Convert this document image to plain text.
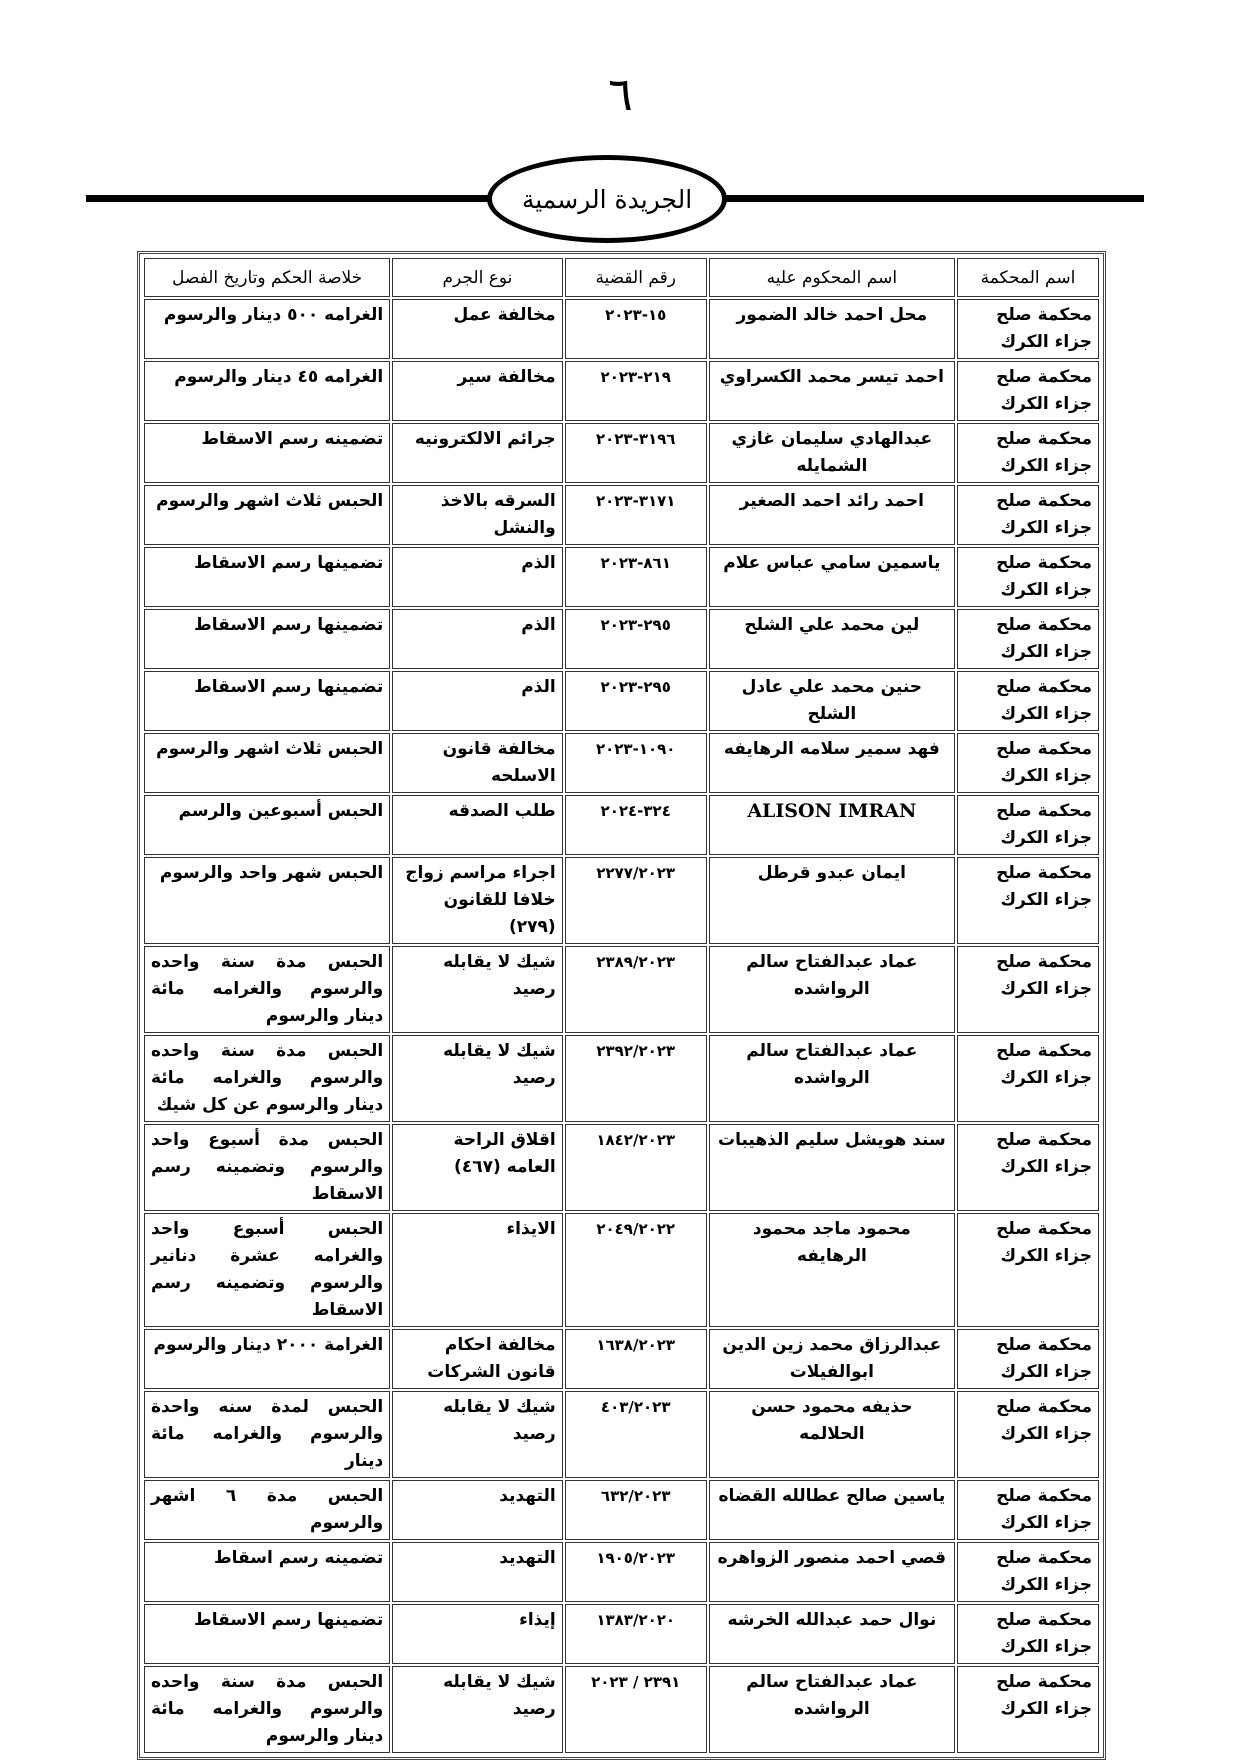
٦
الجريدة الرسمية
اسم المحكمة	اسم المحكوم عليه	رقم القضية	نوع الجرم	خلاصة الحكم وتاريخ الفصل
محكمة صلح جزاء الكرك	محل احمد خالد الضمور	١٥-٢٠٢٣	مخالفة عمل	الغرامه ٥٠٠ دينار والرسوم
محكمة صلح جزاء الكرك	احمد تيسر محمد الكسراوي	٢١٩-٢٠٢٣	مخالفة سير	الغرامه ٤٥ دينار والرسوم
محكمة صلح جزاء الكرك	عبدالهادي سليمان غازي الشمايله	٣١٩٦-٢٠٢٣	جرائم الالكترونيه	تضمينه رسم الاسقاط
محكمة صلح جزاء الكرك	احمد رائد احمد الصغير	٣١٧١-٢٠٢٣	السرقه بالاخذ والنشل	الحبس ثلاث اشهر والرسوم
محكمة صلح جزاء الكرك	ياسمين سامي عباس علام	٨٦١-٢٠٢٣	الذم	تضمينها رسم الاسقاط
محكمة صلح جزاء الكرك	لين محمد علي الشلح	٢٩٥-٢٠٢٣	الذم	تضمينها رسم الاسقاط
محكمة صلح جزاء الكرك	حنين محمد علي عادل الشلح	٢٩٥-٢٠٢٣	الذم	تضمينها رسم الاسقاط
محكمة صلح جزاء الكرك	فهد سمير سلامه الرهايفه	١٠٩٠-٢٠٢٣	مخالفة قانون الاسلحه	الحبس ثلاث اشهر والرسوم
محكمة صلح جزاء الكرك	ALISON IMRAN	٣٢٤-٢٠٢٤	طلب الصدقه	الحبس أسبوعين والرسم
محكمة صلح جزاء الكرك	ايمان عبدو قرطل	٢٢٧٧/٢٠٢٣	اجراء مراسم زواج خلافا للقانون (٢٧٩)	الحبس شهر واحد والرسوم
محكمة صلح جزاء الكرك	عماد عبدالفتاح سالم الرواشده	٢٣٨٩/٢٠٢٣	شيك لا يقابله رصيد	الحبس مدة سنة واحده والرسوم والغرامه مائة دينار والرسوم
محكمة صلح جزاء الكرك	عماد عبدالفتاح سالم الرواشده	٢٣٩٢/٢٠٢٣	شيك لا يقابله رصيد	الحبس مدة سنة واحده والرسوم والغرامه مائة دينار والرسوم عن كل شيك
محكمة صلح جزاء الكرك	سند هويشل سليم الذهيبات	١٨٤٢/٢٠٢٣	اقلاق الراحة العامه (٤٦٧)	الحبس مدة أسبوع واحد والرسوم وتضمينه رسم الاسقاط
محكمة صلح جزاء الكرك	محمود ماجد محمود الرهايفه	٢٠٤٩/٢٠٢٢	الايذاء	الحبس أسبوع واحد والغرامه عشرة دنانير والرسوم وتضمينه رسم الاسقاط
محكمة صلح جزاء الكرك	عبدالرزاق محمد زين الدين ابوالفيلات	١٦٣٨/٢٠٢٣	مخالفة احكام قانون الشركات	الغرامة ٢٠٠٠ دينار والرسوم
محكمة صلح جزاء الكرك	حذيفه محمود حسن الحلالمه	٤٠٣/٢٠٢٣	شيك لا يقابله رصيد	الحبس لمدة سنه واحدة والرسوم والغرامه مائة دينار
محكمة صلح جزاء الكرك	ياسين صالح عطالله القضاه	٦٣٢/٢٠٢٣	التهديد	الحبس مدة ٦ اشهر والرسوم
محكمة صلح جزاء الكرك	قصي احمد منصور الزواهره	١٩٠٥/٢٠٢٣	التهديد	تضمينه رسم اسقاط
محكمة صلح جزاء الكرك	نوال حمد عبدالله الخرشه	١٣٨٣/٢٠٢٠	إيذاء	تضمينها رسم الاسقاط
محكمة صلح جزاء الكرك	عماد عبدالفتاح سالم الرواشده	٢٣٩١ / ٢٠٢٣	شيك لا يقابله رصيد	الحبس مدة سنة واحده والرسوم والغرامه مائة دينار والرسوم
